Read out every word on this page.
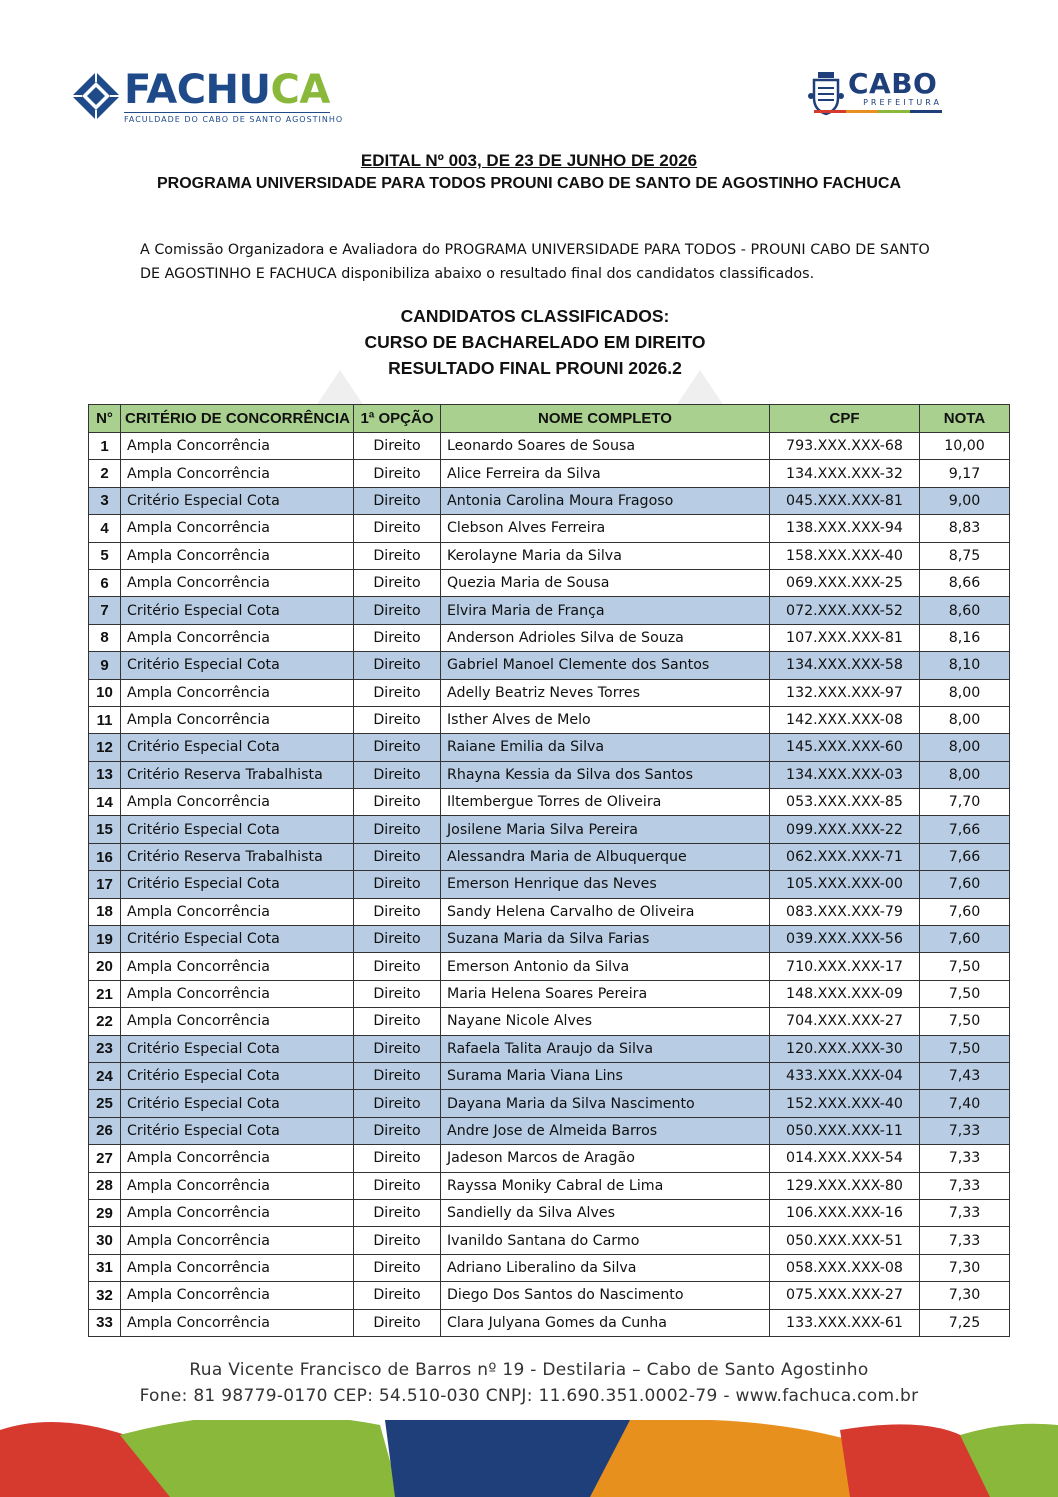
FACHUCA
FACULDADE DO CABO DE SANTO AGOSTINHO
CABO
PREFEITURA
EDITAL Nº 003, DE 23 DE JUNHO DE 2026
PROGRAMA UNIVERSIDADE PARA TODOS PROUNI CABO DE SANTO DE AGOSTINHO FACHUCA
A Comissão Organizadora e Avaliadora do PROGRAMA UNIVERSIDADE PARA TODOS - PROUNI CABO DE SANTO
DE AGOSTINHO E FACHUCA disponibiliza abaixo o resultado final dos candidatos classificados.
CANDIDATOS CLASSIFICADOS:
CURSO DE BACHARELADO EM DIREITO
RESULTADO FINAL PROUNI 2026.2
N°	CRITÉRIO DE CONCORRÊNCIA	1ª OPÇÃO	NOME COMPLETO	CPF	NOTA
1	Ampla Concorrência	Direito	Leonardo Soares de Sousa	793.XXX.XXX-68	10,00
2	Ampla Concorrência	Direito	Alice Ferreira da Silva	134.XXX.XXX-32	9,17
3	Critério Especial Cota	Direito	Antonia Carolina Moura Fragoso	045.XXX.XXX-81	9,00
4	Ampla Concorrência	Direito	Clebson Alves Ferreira	138.XXX.XXX-94	8,83
5	Ampla Concorrência	Direito	Kerolayne Maria da Silva	158.XXX.XXX-40	8,75
6	Ampla Concorrência	Direito	Quezia Maria de Sousa	069.XXX.XXX-25	8,66
7	Critério Especial Cota	Direito	Elvira Maria de França	072.XXX.XXX-52	8,60
8	Ampla Concorrência	Direito	Anderson Adrioles Silva de Souza	107.XXX.XXX-81	8,16
9	Critério Especial Cota	Direito	Gabriel Manoel Clemente dos Santos	134.XXX.XXX-58	8,10
10	Ampla Concorrência	Direito	Adelly Beatriz Neves Torres	132.XXX.XXX-97	8,00
11	Ampla Concorrência	Direito	Isther Alves de Melo	142.XXX.XXX-08	8,00
12	Critério Especial Cota	Direito	Raiane Emilia da Silva	145.XXX.XXX-60	8,00
13	Critério Reserva Trabalhista	Direito	Rhayna Kessia da Silva dos Santos	134.XXX.XXX-03	8,00
14	Ampla Concorrência	Direito	Iltembergue Torres de Oliveira	053.XXX.XXX-85	7,70
15	Critério Especial Cota	Direito	Josilene Maria Silva Pereira	099.XXX.XXX-22	7,66
16	Critério Reserva Trabalhista	Direito	Alessandra Maria de Albuquerque	062.XXX.XXX-71	7,66
17	Critério Especial Cota	Direito	Emerson Henrique das Neves	105.XXX.XXX-00	7,60
18	Ampla Concorrência	Direito	Sandy Helena Carvalho de Oliveira	083.XXX.XXX-79	7,60
19	Critério Especial Cota	Direito	Suzana Maria da Silva Farias	039.XXX.XXX-56	7,60
20	Ampla Concorrência	Direito	Emerson Antonio da Silva	710.XXX.XXX-17	7,50
21	Ampla Concorrência	Direito	Maria Helena Soares Pereira	148.XXX.XXX-09	7,50
22	Ampla Concorrência	Direito	Nayane Nicole Alves	704.XXX.XXX-27	7,50
23	Critério Especial Cota	Direito	Rafaela Talita Araujo da Silva	120.XXX.XXX-30	7,50
24	Critério Especial Cota	Direito	Surama Maria Viana Lins	433.XXX.XXX-04	7,43
25	Critério Especial Cota	Direito	Dayana Maria da Silva Nascimento	152.XXX.XXX-40	7,40
26	Critério Especial Cota	Direito	Andre Jose de Almeida Barros	050.XXX.XXX-11	7,33
27	Ampla Concorrência	Direito	Jadeson Marcos de Aragão	014.XXX.XXX-54	7,33
28	Ampla Concorrência	Direito	Rayssa Moniky Cabral de Lima	129.XXX.XXX-80	7,33
29	Ampla Concorrência	Direito	Sandielly da Silva Alves	106.XXX.XXX-16	7,33
30	Ampla Concorrência	Direito	Ivanildo Santana do Carmo	050.XXX.XXX-51	7,33
31	Ampla Concorrência	Direito	Adriano Liberalino da Silva	058.XXX.XXX-08	7,30
32	Ampla Concorrência	Direito	Diego Dos Santos do Nascimento	075.XXX.XXX-27	7,30
33	Ampla Concorrência	Direito	Clara Julyana Gomes da Cunha	133.XXX.XXX-61	7,25
Rua Vicente Francisco de Barros nº 19 - Destilaria – Cabo de Santo Agostinho
Fone: 81 98779-0170 CEP: 54.510-030 CNPJ: 11.690.351.0002-79 - www.fachuca.com.br
